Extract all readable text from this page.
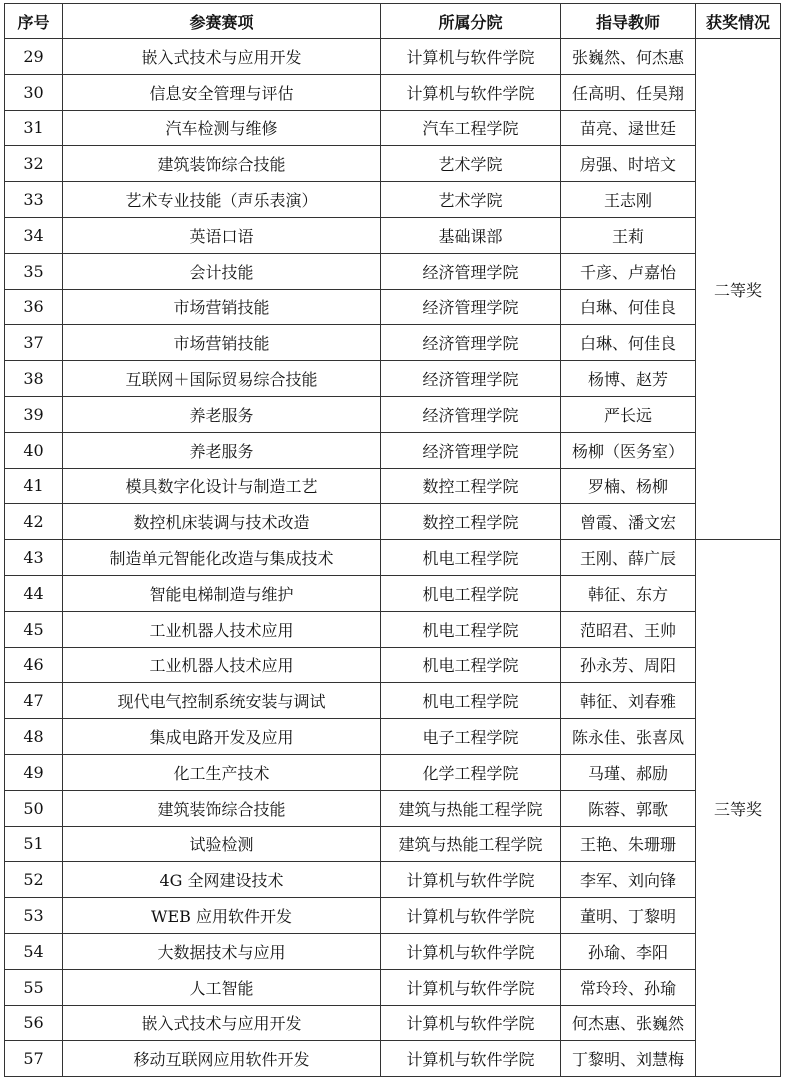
序号	参赛赛项	所属分院	指导教师	获奖情况
29	嵌入式技术与应用开发	计算机与软件学院	张巍然、何杰惠	二等奖
30	信息安全管理与评估	计算机与软件学院	任高明、任昊翔	
31	汽车检测与维修	汽车工程学院	苗亮、逯世廷	
32	建筑装饰综合技能	艺术学院	房强、时培文	
33	艺术专业技能（声乐表演）	艺术学院	王志刚	
34	英语口语	基础课部	王莉	
35	会计技能	经济管理学院	千彦、卢嘉怡	
36	市场营销技能	经济管理学院	白琳、何佳良	
37	市场营销技能	经济管理学院	白琳、何佳良	
38	互联网＋国际贸易综合技能	经济管理学院	杨博、赵芳	
39	养老服务	经济管理学院	严长远	
40	养老服务	经济管理学院	杨柳（医务室）	
41	模具数字化设计与制造工艺	数控工程学院	罗楠、杨柳	
42	数控机床装调与技术改造	数控工程学院	曾霞、潘文宏	
43	制造单元智能化改造与集成技术	机电工程学院	王刚、薛广辰	三等奖
44	智能电梯制造与维护	机电工程学院	韩征、东方	
45	工业机器人技术应用	机电工程学院	范昭君、王帅	
46	工业机器人技术应用	机电工程学院	孙永芳、周阳	
47	现代电气控制系统安装与调试	机电工程学院	韩征、刘春雅	
48	集成电路开发及应用	电子工程学院	陈永佳、张喜凤	
49	化工生产技术	化学工程学院	马瑾、郝励	
50	建筑装饰综合技能	建筑与热能工程学院	陈蓉、郭歌	
51	试验检测	建筑与热能工程学院	王艳、朱珊珊	
52	4G 全网建设技术	计算机与软件学院	李军、刘向锋	
53	WEB 应用软件开发	计算机与软件学院	董明、丁黎明	
54	大数据技术与应用	计算机与软件学院	孙瑜、李阳	
55	人工智能	计算机与软件学院	常玲玲、孙瑜	
56	嵌入式技术与应用开发	计算机与软件学院	何杰惠、张巍然	
57	移动互联网应用软件开发	计算机与软件学院	丁黎明、刘慧梅	
